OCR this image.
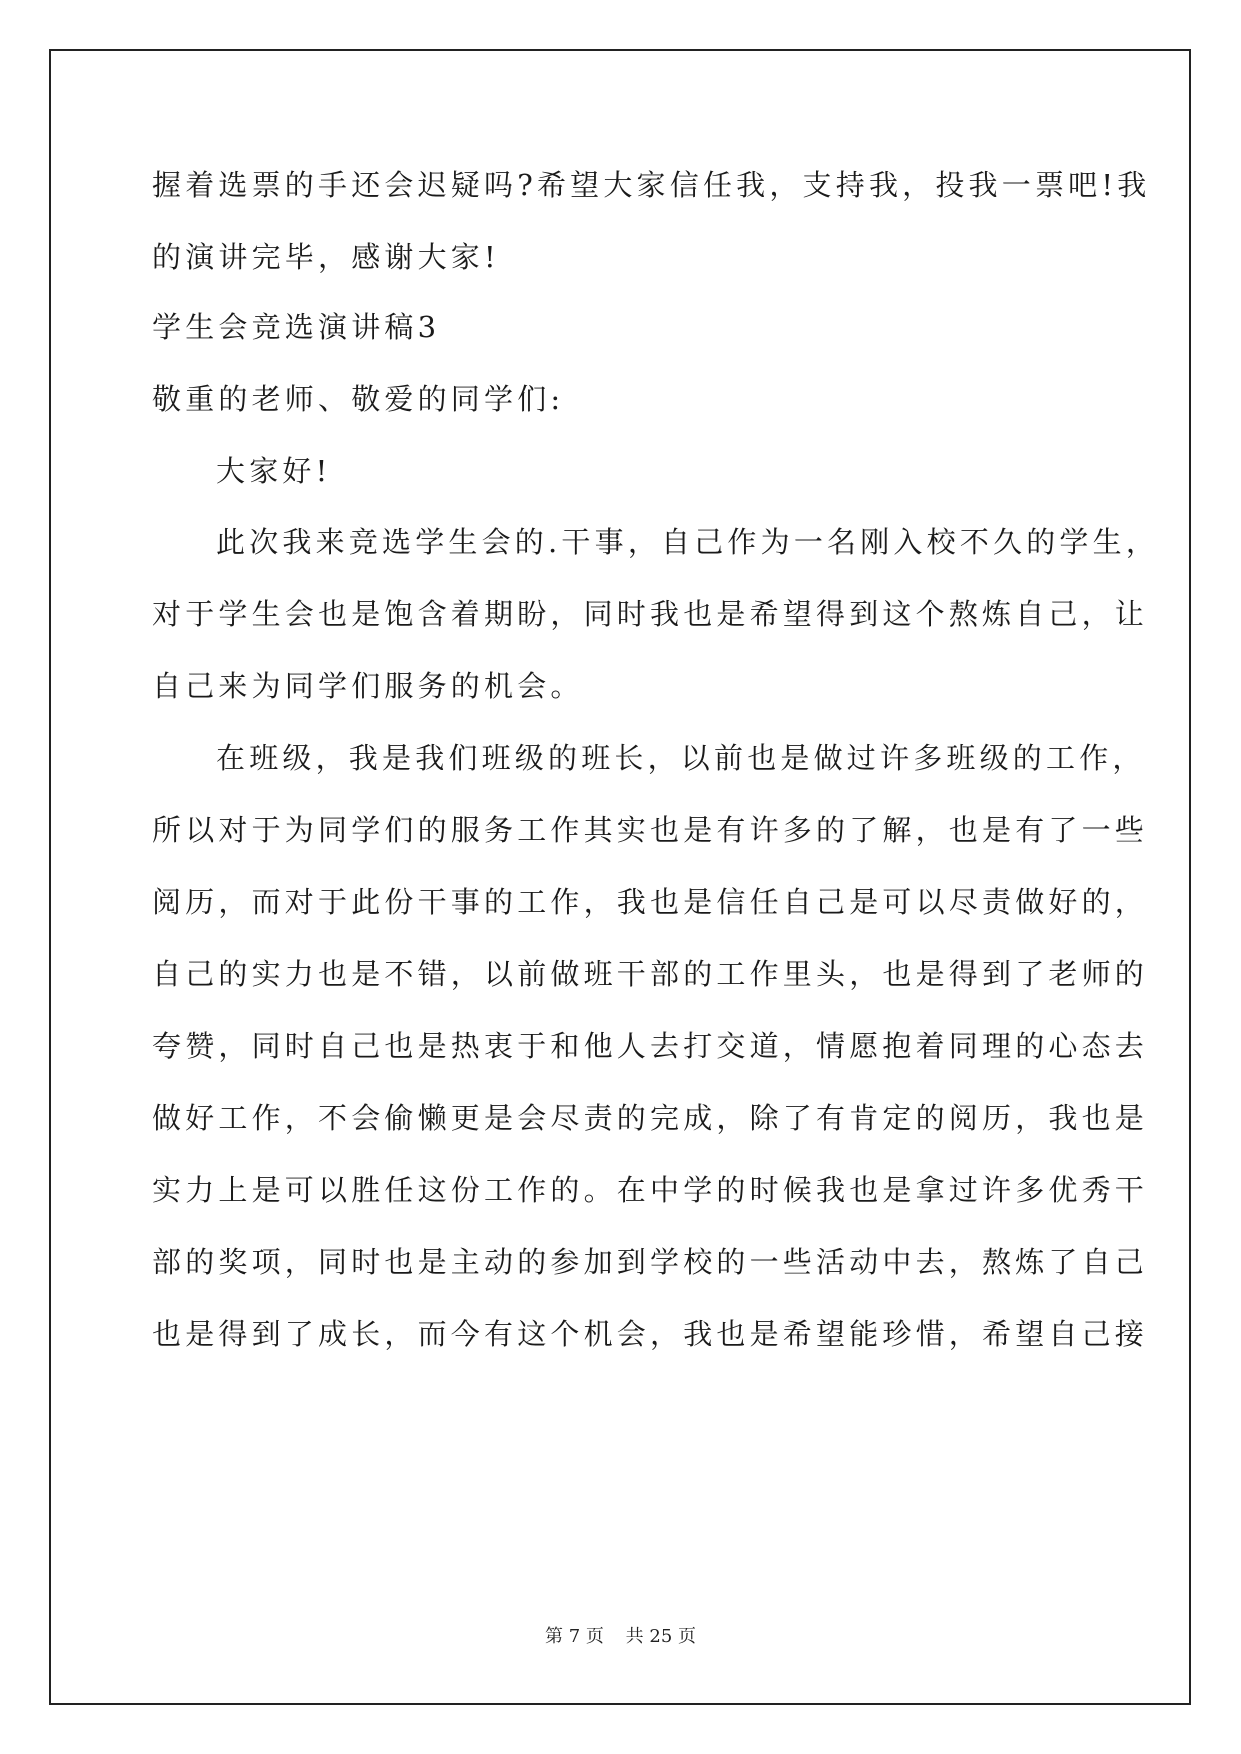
握着选票的手还会迟疑吗?希望大家信任我，支持我，投我一票吧!我
的演讲完毕，感谢大家!
学生会竞选演讲稿3
敬重的老师、敬爱的同学们:
大家好!
此次我来竞选学生会的.干事，自己作为一名刚入校不久的学生，
对于学生会也是饱含着期盼，同时我也是希望得到这个熬炼自己，让
自己来为同学们服务的机会。
在班级，我是我们班级的班长，以前也是做过许多班级的工作，
所以对于为同学们的服务工作其实也是有许多的了解，也是有了一些
阅历，而对于此份干事的工作，我也是信任自己是可以尽责做好的，
自己的实力也是不错，以前做班干部的工作里头，也是得到了老师的
夸赞，同时自己也是热衷于和他人去打交道，情愿抱着同理的心态去
做好工作，不会偷懒更是会尽责的完成，除了有肯定的阅历，我也是
实力上是可以胜任这份工作的。在中学的时候我也是拿过许多优秀干
部的奖项，同时也是主动的参加到学校的一些活动中去，熬炼了自己
也是得到了成长，而今有这个机会，我也是希望能珍惜，希望自己接
第 7 页 共 25 页
